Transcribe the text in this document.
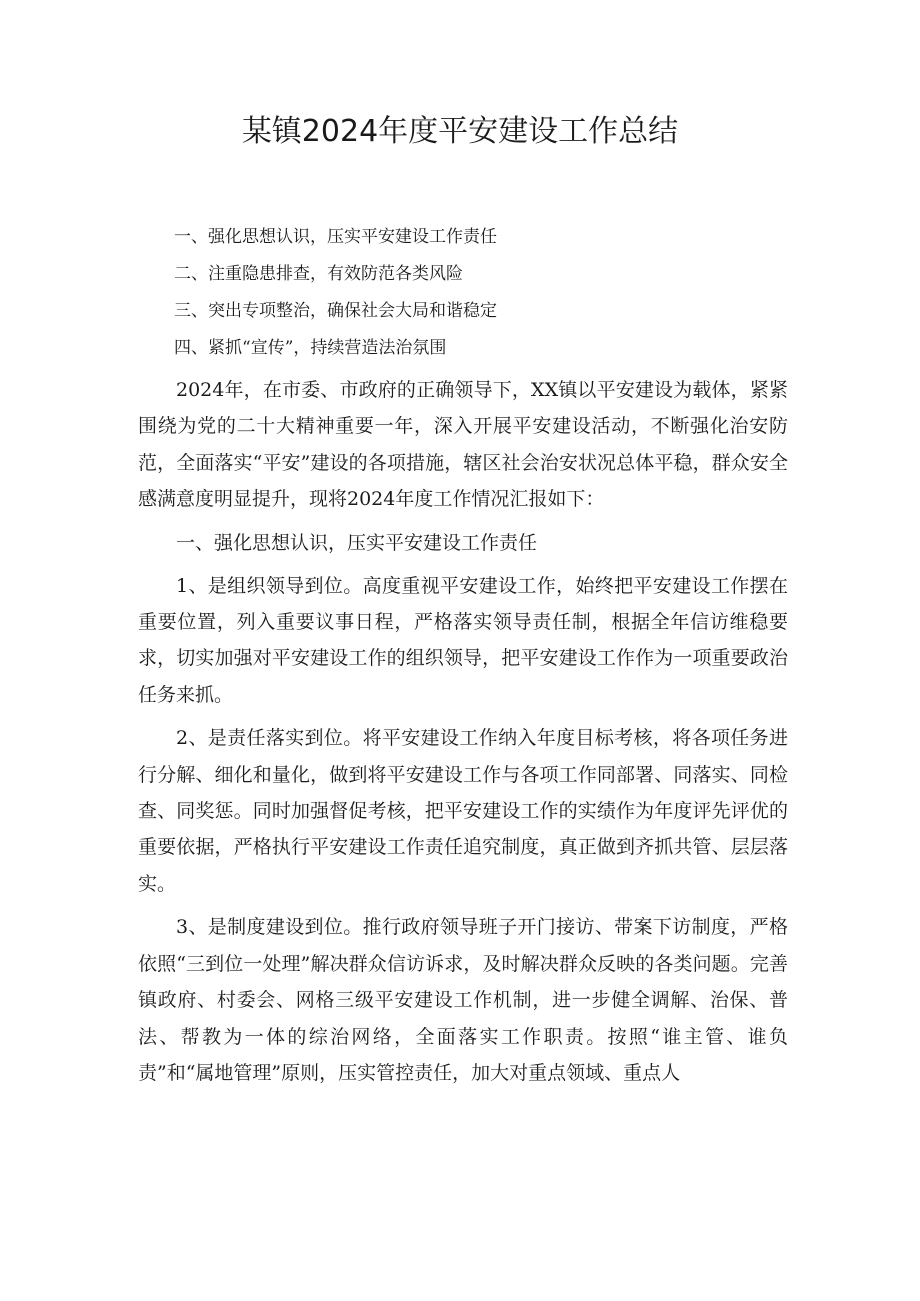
某镇2024年度平安建设工作总结
一、强化思想认识，压实平安建设工作责任
二、注重隐患排查，有效防范各类风险
三、突出专项整治，确保社会大局和谐稳定
四、紧抓“宣传”，持续营造法治氛围

2024年，在市委、市政府的正确领导下，XX镇以平安建设为载体，紧紧围绕为党的二十大精神重要一年，深入开展平安建设活动，不断强化治安防范，全面落实“平安”建设的各项措施，辖区社会治安状况总体平稳，群众安全感满意度明显提升，现将2024年度工作情况汇报如下：

一、强化思想认识，压实平安建设工作责任

1、是组织领导到位。高度重视平安建设工作，始终把平安建设工作摆在重要位置，列入重要议事日程，严格落实领导责任制，根据全年信访维稳要求，切实加强对平安建设工作的组织领导，把平安建设工作作为一项重要政治任务来抓。

2、是责任落实到位。将平安建设工作纳入年度目标考核，将各项任务进行分解、细化和量化，做到将平安建设工作与各项工作同部署、同落实、同检查、同奖惩。同时加强督促考核，把平安建设工作的实绩作为年度评先评优的重要依据，严格执行平安建设工作责任追究制度，真正做到齐抓共管、层层落实。

3、是制度建设到位。推行政府领导班子开门接访、带案下访制度，严格依照“三到位一处理”解决群众信访诉求，及时解决群众反映的各类问题。完善镇政府、村委会、网格三级平安建设工作机制，进一步健全调解、治保、普法、帮教为一体的综治网络，全面落实工作职责。按照“谁主管、谁负责”和“属地管理”原则，压实管控责任，加大对重点领域、重点人
